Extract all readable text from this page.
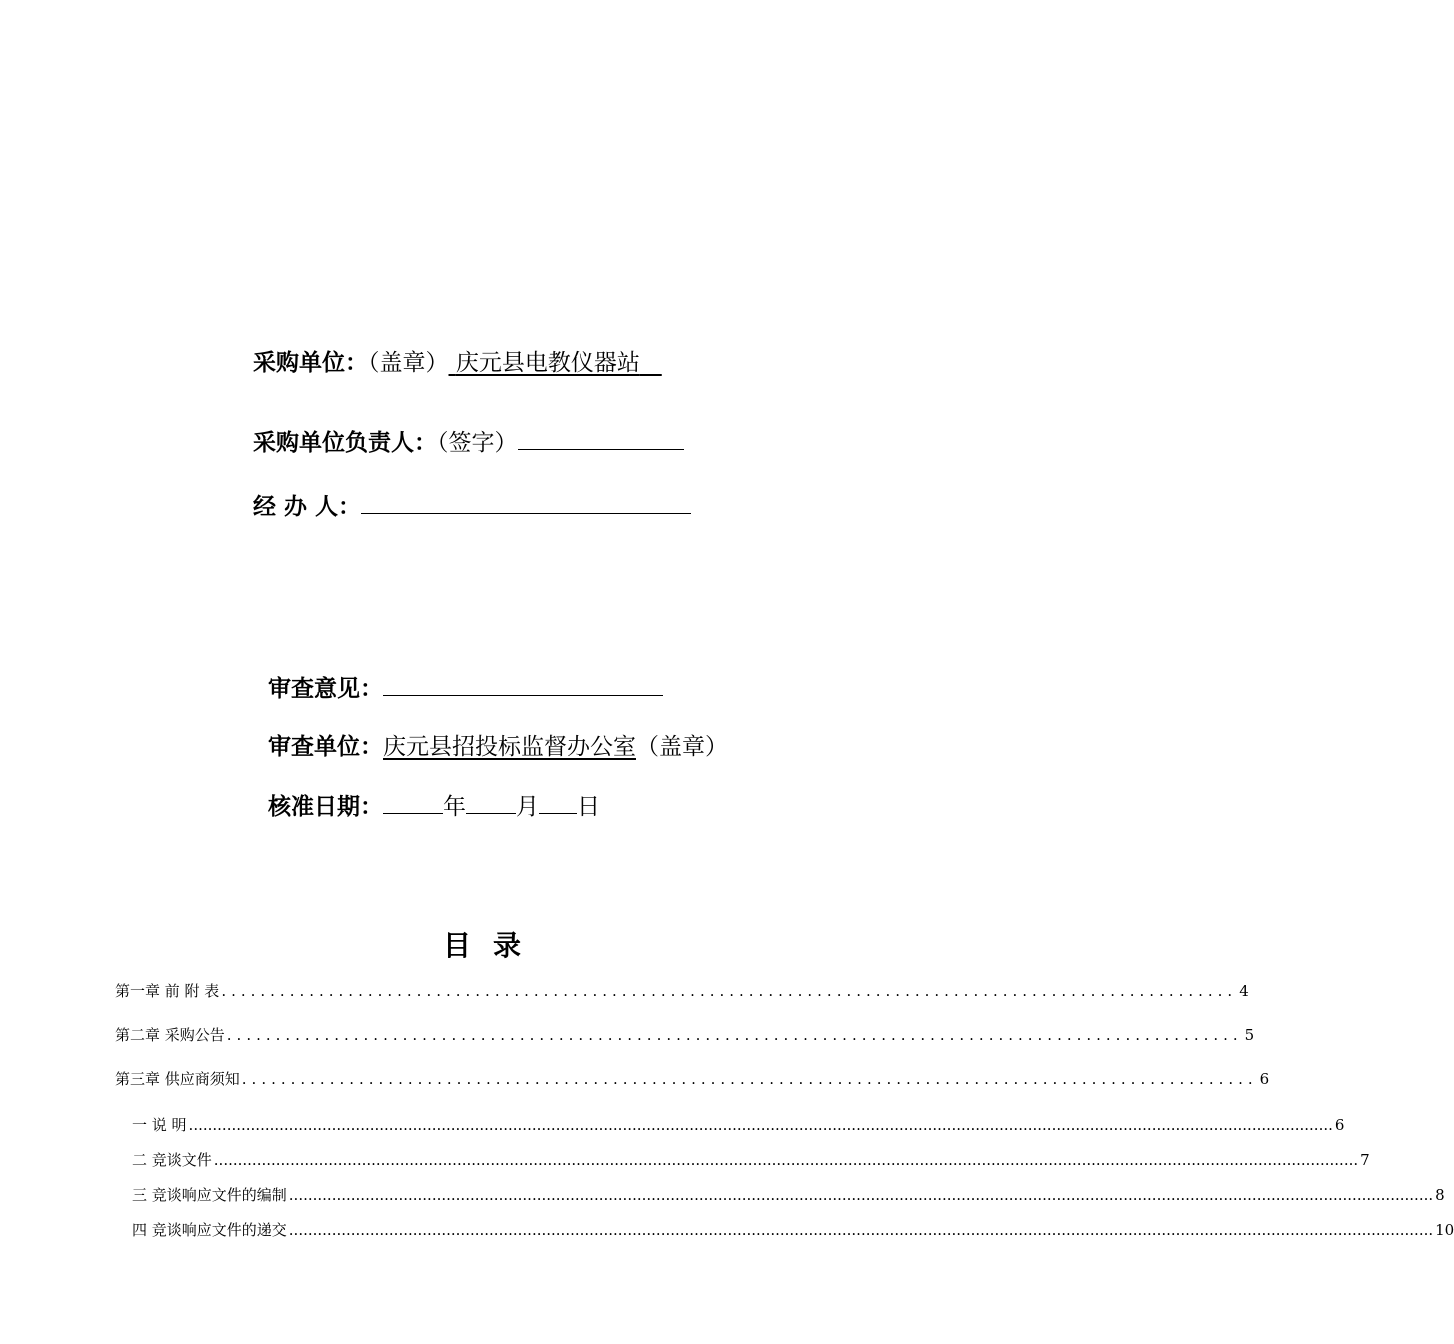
采购单位：（盖章） 庆元县电教仪器站
采购单位负责人：（签字）
经 办 人：
审查意见：
审查单位：庆元县招投标监督办公室（盖章）
核准日期：	年 月 日
目录
第一章 前 附 表 ........................................................................................................ 4
第二章 采购公告 ........................................................................................................ 5
第三章 供应商须知 ........................................................................................................ 6
一 说 明 ................................................................................................................................................................................................................................................ 6
二 竞谈文件 ................................................................................................................................................................................................................................................ 7
三 竞谈响应文件的编制 ................................................................................................................................................................................................................................................ 8
四 竞谈响应文件的递交 ................................................................................................................................................................................................................................................ 10
